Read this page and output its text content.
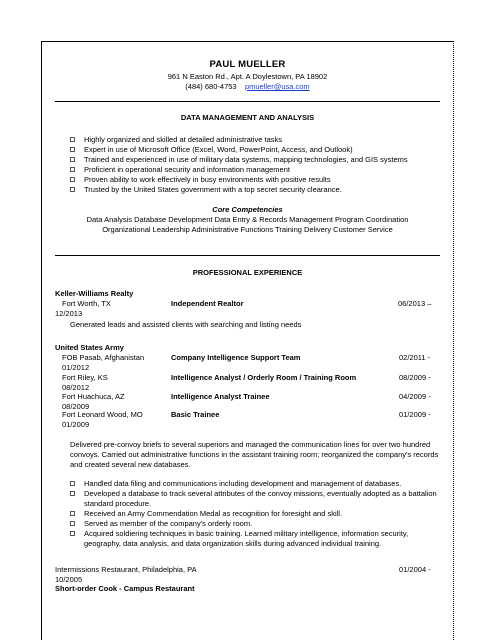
PAUL MUELLER
961 N Easton Rd., Apt. A Doylestown, PA 18902
(484) 680-4753 pmueller@usa.com
DATA MANAGEMENT AND ANALYSIS
Highly organized and skilled at detailed administrative tasks
Expert in use of Microsoft Office (Excel, Word, PowerPoint, Access, and Outlook)
Trained and experienced in use of military data systems, mapping technologies, and GIS systems
Proficient in operational security and information management
Proven ability to work effectively in busy environments with positive results
Trusted by the United States government with a top secret security clearance.
Core Competencies
Data Analysis Database Development Data Entry & Records Management Program Coordination
Organizational Leadership Administrative Functions Training Delivery Customer Service
PROFESSIONAL EXPERIENCE
Keller-Williams Realty
Fort Worth, TX	Independent Realtor	06/2013 –
12/2013
Generated leads and assisted clients with searching and listing needs
United States Army
FOB Pasab, Afghanistan	Company Intelligence Support Team	02/2011 -
01/2012
Fort Riley, KS	Intelligence Analyst / Orderly Room / Training Room	08/2009 -
08/2012
Fort Huachuca, AZ	Intelligence Analyst Trainee	04/2009 -
08/2009
Fort Leonard Wood, MO	Basic Trainee	01/2009 -
01/2009
Delivered pre-convoy briefs to several superiors and managed the communication lines for over two hundred convoys. Carried out administrative functions in the assistant training room; reorganized the company's records and created several new databases.
Handled data filing and communications including development and management of databases.
Developed a database to track several attributes of the convoy missions, eventually adopted as a battalion standard procedure.
Received an Army Commendation Medal as recognition for foresight and skill.
Served as member of the company's orderly room.
Acquired soldiering techniques in basic training. Learned military intelligence, information security, geography, data analysis, and data organization skills during advanced individual training.
Intermissions Restaurant, Philadelphia, PA	01/2004 -
10/2005
Short-order Cook - Campus Restaurant
